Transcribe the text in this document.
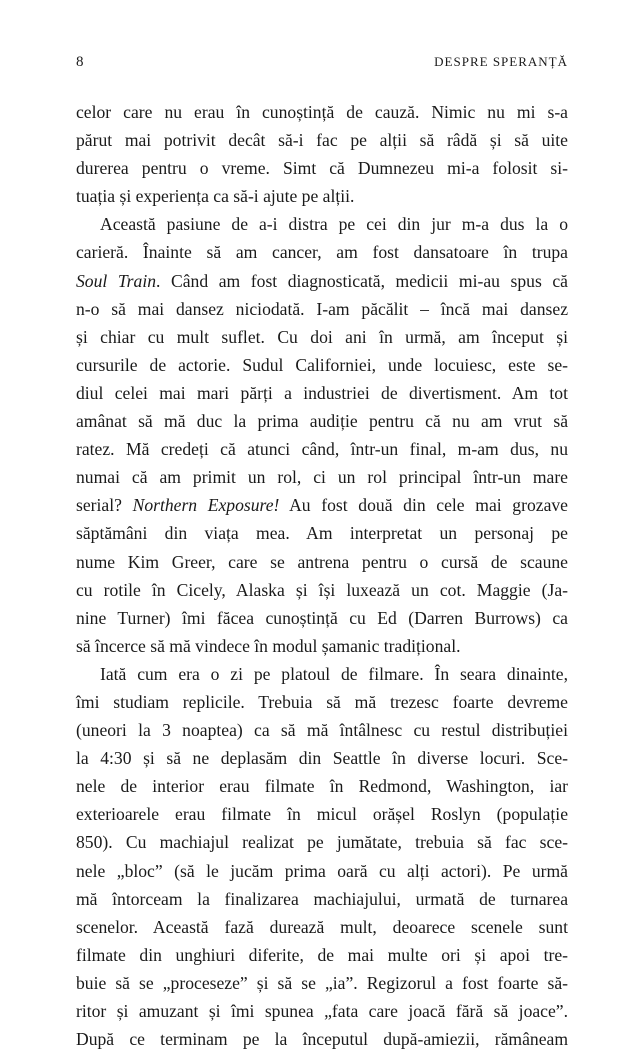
8	DESPRE SPERANȚĂ
celor care nu erau în cunoștință de cauză. Nimic nu mi s-a
părut mai potrivit decât să-i fac pe alții să râdă și să uite
durerea pentru o vreme. Simt că Dumnezeu mi-a folosit si-
tuația și experiența ca să-i ajute pe alții.
Această pasiune de a-i distra pe cei din jur m-a dus la o
carieră. Înainte să am cancer, am fost dansatoare în trupa
Soul Train. Când am fost diagnosticată, medicii mi-au spus că
n-o să mai dansez niciodată. I-am păcălit – încă mai dansez
și chiar cu mult suflet. Cu doi ani în urmă, am început și
cursurile de actorie. Sudul Californiei, unde locuiesc, este se-
diul celei mai mari părți a industriei de divertisment. Am tot
amânat să mă duc la prima audiție pentru că nu am vrut să
ratez. Mă credeți că atunci când, într-un final, m-am dus, nu
numai că am primit un rol, ci un rol principal într-un mare
serial? Northern Exposure! Au fost două din cele mai grozave
săptămâni din viața mea. Am interpretat un personaj pe
nume Kim Greer, care se antrena pentru o cursă de scaune
cu rotile în Cicely, Alaska și își luxează un cot. Maggie (Ja-
nine Turner) îmi făcea cunoștință cu Ed (Darren Burrows) ca
să încerce să mă vindece în modul șamanic tradițional.
Iată cum era o zi pe platoul de filmare. În seara dinainte,
îmi studiam replicile. Trebuia să mă trezesc foarte devreme
(uneori la 3 noaptea) ca să mă întâlnesc cu restul distribuției
la 4:30 și să ne deplasăm din Seattle în diverse locuri. Sce-
nele de interior erau filmate în Redmond, Washington, iar
exterioarele erau filmate în micul orășel Roslyn (populație
850). Cu machiajul realizat pe jumătate, trebuia să fac sce-
nele „bloc” (să le jucăm prima oară cu alți actori). Pe urmă
mă întorceam la finalizarea machiajului, urmată de turnarea
scenelor. Această fază durează mult, deoarece scenele sunt
filmate din unghiuri diferite, de mai multe ori și apoi tre-
buie să se „proceseze” și să se „ia”. Regizorul a fost foarte să-
ritor și amuzant și îmi spunea „fata care joacă fără să joace”.
După ce terminam pe la începutul după-amiezii, rămâneam
